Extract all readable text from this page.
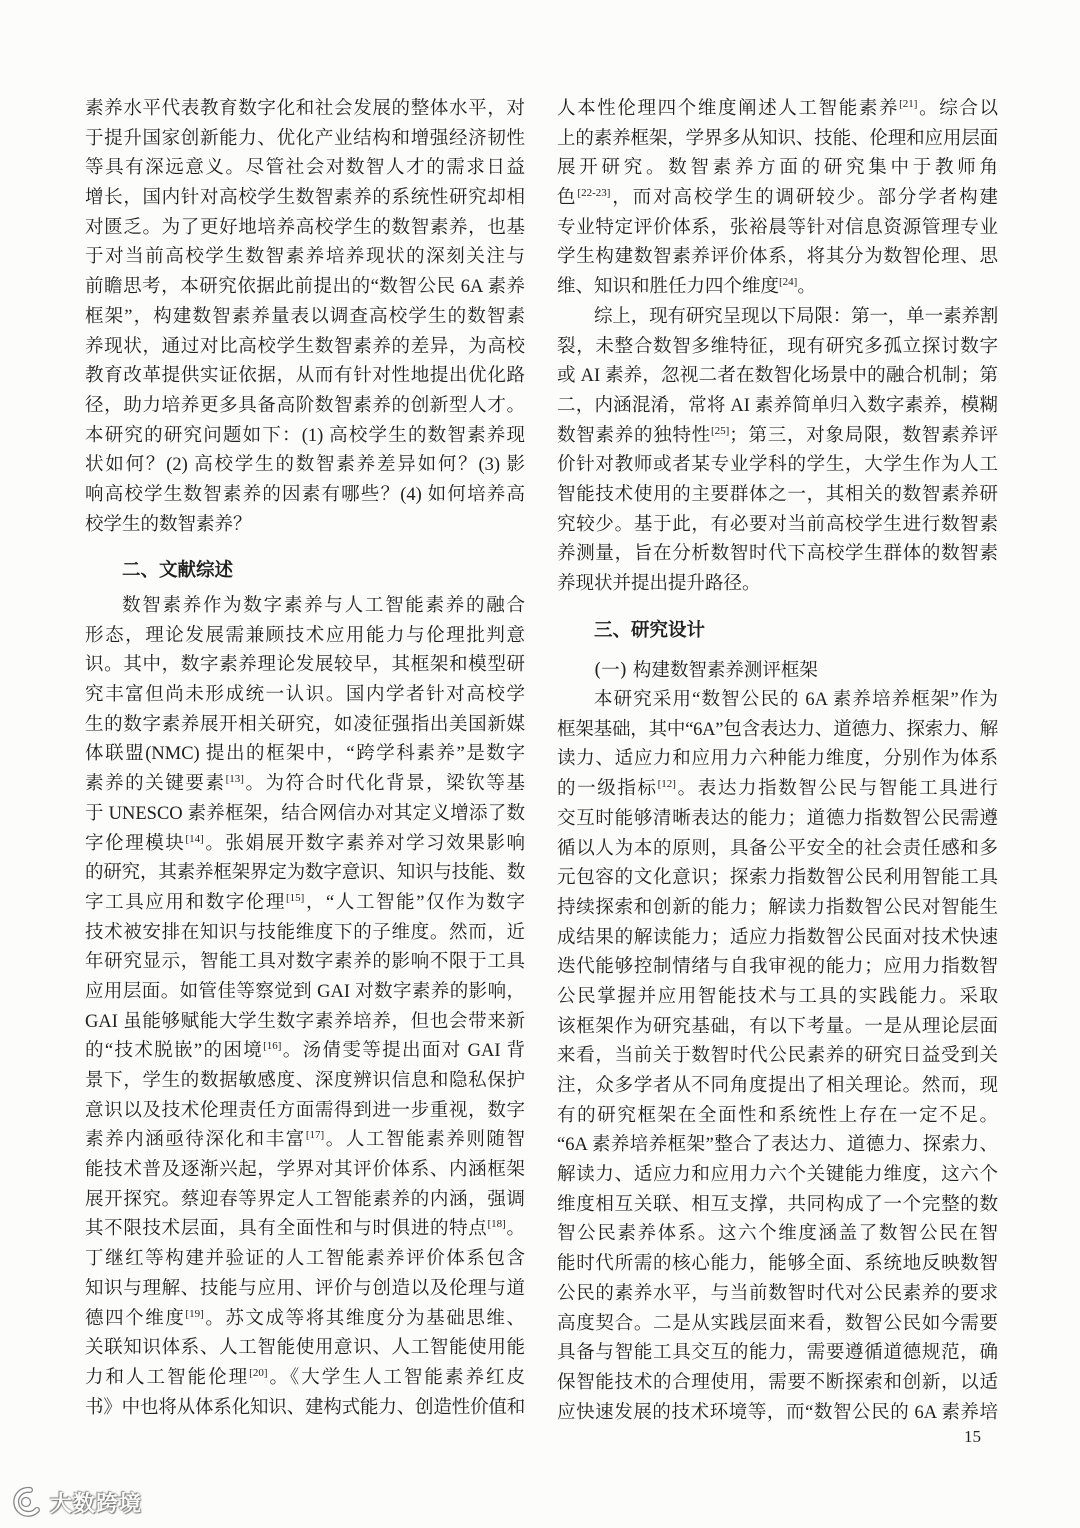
素养水平代表教育数字化和社会发展的整体水平，对
于提升国家创新能力、优化产业结构和增强经济韧性
等具有深远意义。尽管社会对数智人才的需求日益
增长，国内针对高校学生数智素养的系统性研究却相
对匮乏。为了更好地培养高校学生的数智素养，也基
于对当前高校学生数智素养培养现状的深刻关注与
前瞻思考，本研究依据此前提出的“数智公民 6A 素养
框架”，构建数智素养量表以调查高校学生的数智素
养现状，通过对比高校学生数智素养的差异，为高校
教育改革提供实证依据，从而有针对性地提出优化路
径，助力培养更多具备高阶数智素养的创新型人才。
本研究的研究问题如下：(1) 高校学生的数智素养现
状如何？(2) 高校学生的数智素养差异如何？(3) 影
响高校学生数智素养的因素有哪些？(4) 如何培养高
校学生的数智素养？
二、文献综述
数智素养作为数字素养与人工智能素养的融合
形态，理论发展需兼顾技术应用能力与伦理批判意
识。其中，数字素养理论发展较早，其框架和模型研
究丰富但尚未形成统一认识。国内学者针对高校学
生的数字素养展开相关研究，如凌征强指出美国新媒
体联盟(NMC) 提出的框架中，“跨学科素养”是数字
素养的关键要素[13]。为符合时代化背景，梁钦等基
于 UNESCO 素养框架，结合网信办对其定义增添了数
字伦理模块[14]。张娟展开数字素养对学习效果影响
的研究，其素养框架界定为数字意识、知识与技能、数
字工具应用和数字伦理[15]，“人工智能”仅作为数字
技术被安排在知识与技能维度下的子维度。然而，近
年研究显示，智能工具对数字素养的影响不限于工具
应用层面。如管佳等察觉到 GAI 对数字素养的影响，
GAI 虽能够赋能大学生数字素养培养，但也会带来新
的“技术脱嵌”的困境[16]。汤倩雯等提出面对 GAI 背
景下，学生的数据敏感度、深度辨识信息和隐私保护
意识以及技术伦理责任方面需得到进一步重视，数字
素养内涵亟待深化和丰富[17]。人工智能素养则随智
能技术普及逐渐兴起，学界对其评价体系、内涵框架
展开探究。蔡迎春等界定人工智能素养的内涵，强调
其不限技术层面，具有全面性和与时俱进的特点[18]。
丁继红等构建并验证的人工智能素养评价体系包含
知识与理解、技能与应用、评价与创造以及伦理与道
德四个维度[19]。苏文成等将其维度分为基础思维、
关联知识体系、人工智能使用意识、人工智能使用能
力和人工智能伦理[20]。《大学生人工智能素养红皮
书》中也将从体系化知识、建构式能力、创造性价值和
人本性伦理四个维度阐述人工智能素养[21]。综合以
上的素养框架，学界多从知识、技能、伦理和应用层面
展开研究。数智素养方面的研究集中于教师角
色[22-23]，而对高校学生的调研较少。部分学者构建
专业特定评价体系，张裕晨等针对信息资源管理专业
学生构建数智素养评价体系，将其分为数智伦理、思
维、知识和胜任力四个维度[24]。
综上，现有研究呈现以下局限：第一，单一素养割
裂，未整合数智多维特征，现有研究多孤立探讨数字
或 AI 素养，忽视二者在数智化场景中的融合机制；第
二，内涵混淆，常将 AI 素养简单归入数字素养，模糊
数智素养的独特性[25]；第三，对象局限，数智素养评
价针对教师或者某专业学科的学生，大学生作为人工
智能技术使用的主要群体之一，其相关的数智素养研
究较少。基于此，有必要对当前高校学生进行数智素
养测量，旨在分析数智时代下高校学生群体的数智素
养现状并提出提升路径。
三、研究设计
(一) 构建数智素养测评框架
本研究采用“数智公民的 6A 素养培养框架”作为
框架基础，其中“6A”包含表达力、道德力、探索力、解
读力、适应力和应用力六种能力维度，分别作为体系
的一级指标[12]。表达力指数智公民与智能工具进行
交互时能够清晰表达的能力；道德力指数智公民需遵
循以人为本的原则，具备公平安全的社会责任感和多
元包容的文化意识；探索力指数智公民利用智能工具
持续探索和创新的能力；解读力指数智公民对智能生
成结果的解读能力；适应力指数智公民面对技术快速
迭代能够控制情绪与自我审视的能力；应用力指数智
公民掌握并应用智能技术与工具的实践能力。采取
该框架作为研究基础，有以下考量。一是从理论层面
来看，当前关于数智时代公民素养的研究日益受到关
注，众多学者从不同角度提出了相关理论。然而，现
有的研究框架在全面性和系统性上存在一定不足。
“6A 素养培养框架”整合了表达力、道德力、探索力、
解读力、适应力和应用力六个关键能力维度，这六个
维度相互关联、相互支撑，共同构成了一个完整的数
智公民素养体系。这六个维度涵盖了数智公民在智
能时代所需的核心能力，能够全面、系统地反映数智
公民的素养水平，与当前数智时代对公民素养的要求
高度契合。二是从实践层面来看，数智公民如今需要
具备与智能工具交互的能力，需要遵循道德规范，确
保智能技术的合理使用，需要不断探索和创新，以适
应快速发展的技术环境等，而“数智公民的 6A 素养培
15
大数跨境
